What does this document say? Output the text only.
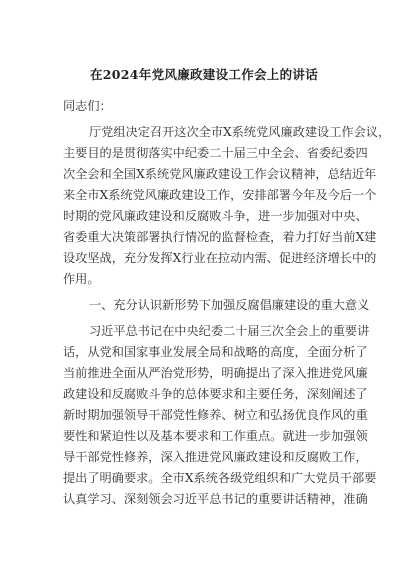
在2024年党风廉政建设工作会上的讲话
同志们：
厅党组决定召开这次全市X系统党风廉政建设工作会议，
主要目的是贯彻落实中纪委二十届三中全会、省委纪委四
次全会和全国X系统党风廉政建设工作会议精神，总结近年
来全市X系统党风廉政建设工作，安排部署今年及今后一个
时期的党风廉政建设和反腐败斗争，进一步加强对中央、
省委重大决策部署执行情况的监督检查，着力打好当前X建
设攻坚战，充分发挥X行业在拉动内需、促进经济增长中的
作用。
一、充分认识新形势下加强反腐倡廉建设的重大意义
习近平总书记在中央纪委二十届三次全会上的重要讲
话，从党和国家事业发展全局和战略的高度，全面分析了
当前推进全面从严治党形势，明确提出了深入推进党风廉
政建设和反腐败斗争的总体要求和主要任务，深刻阐述了
新时期加强领导干部党性修养、树立和弘扬优良作风的重
要性和紧迫性以及基本要求和工作重点。就进一步加强领
导干部党性修养，深入推进党风廉政建设和反腐败工作，
提出了明确要求。全市X系统各级党组织和广大党员干部要
认真学习、深刻领会习近平总书记的重要讲话精神，准确
